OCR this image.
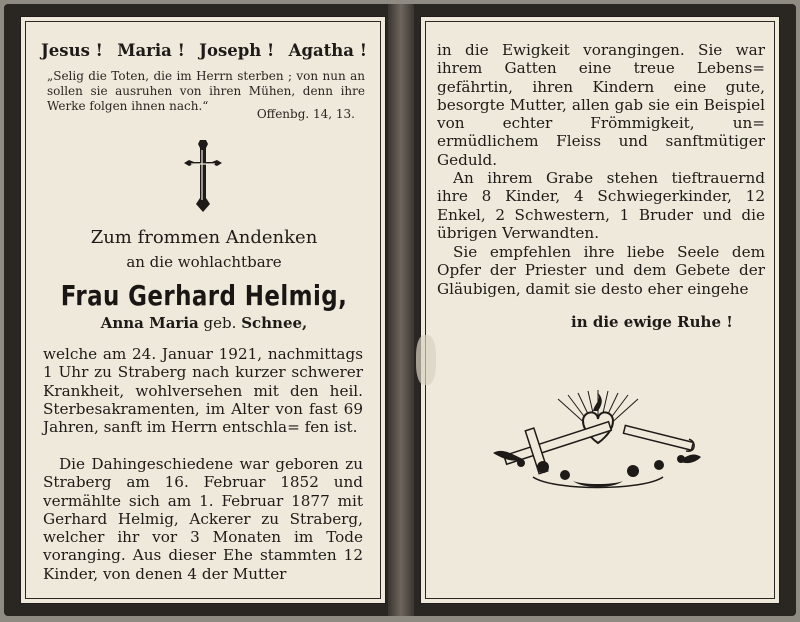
Jesus ! Maria ! Joseph ! Agatha !
„Selig die Toten, die im Herrn sterben ; von nun an sollen sie ausruhen von ihren Mühen, denn ihre Werke folgen ihnen nach.“
Offenbg. 14, 13.
Zum frommen Andenken
an die wohlachtbare
Frau Gerhard Helmig,
Anna Maria geb. Schnee,
welche am 24. Januar 1921, nachmittags 1 Uhr zu Straberg nach kurzer schwerer Krankheit, wohlversehen mit den heil. Sterbesakramenten, im Alter von fast 69 Jahren, sanft im Herrn entschla= fen ist.
Die Dahingeschiedene war geboren zu Straberg am 16. Februar 1852 und vermählte sich am 1. Februar 1877 mit Gerhard Helmig, Ackerer zu Straberg, welcher ihr vor 3 Monaten im Tode voranging. Aus dieser Ehe stammten 12 Kinder, von denen 4 der Mutter
in die Ewigkeit vorangingen. Sie war ihrem Gatten eine treue Lebens= gefährtin, ihren Kindern eine gute, besorgte Mutter, allen gab sie ein Beispiel von echter Frömmigkeit, un= ermüdlichem Fleiss und sanftmütiger Geduld.
An ihrem Grabe stehen tieftrauernd ihre 8 Kinder, 4 Schwiegerkinder, 12 Enkel, 2 Schwestern, 1 Bruder und die übrigen Verwandten.
Sie empfehlen ihre liebe Seele dem Opfer der Priester und dem Gebete der Gläubigen, damit sie desto eher eingehe
in die ewige Ruhe !
